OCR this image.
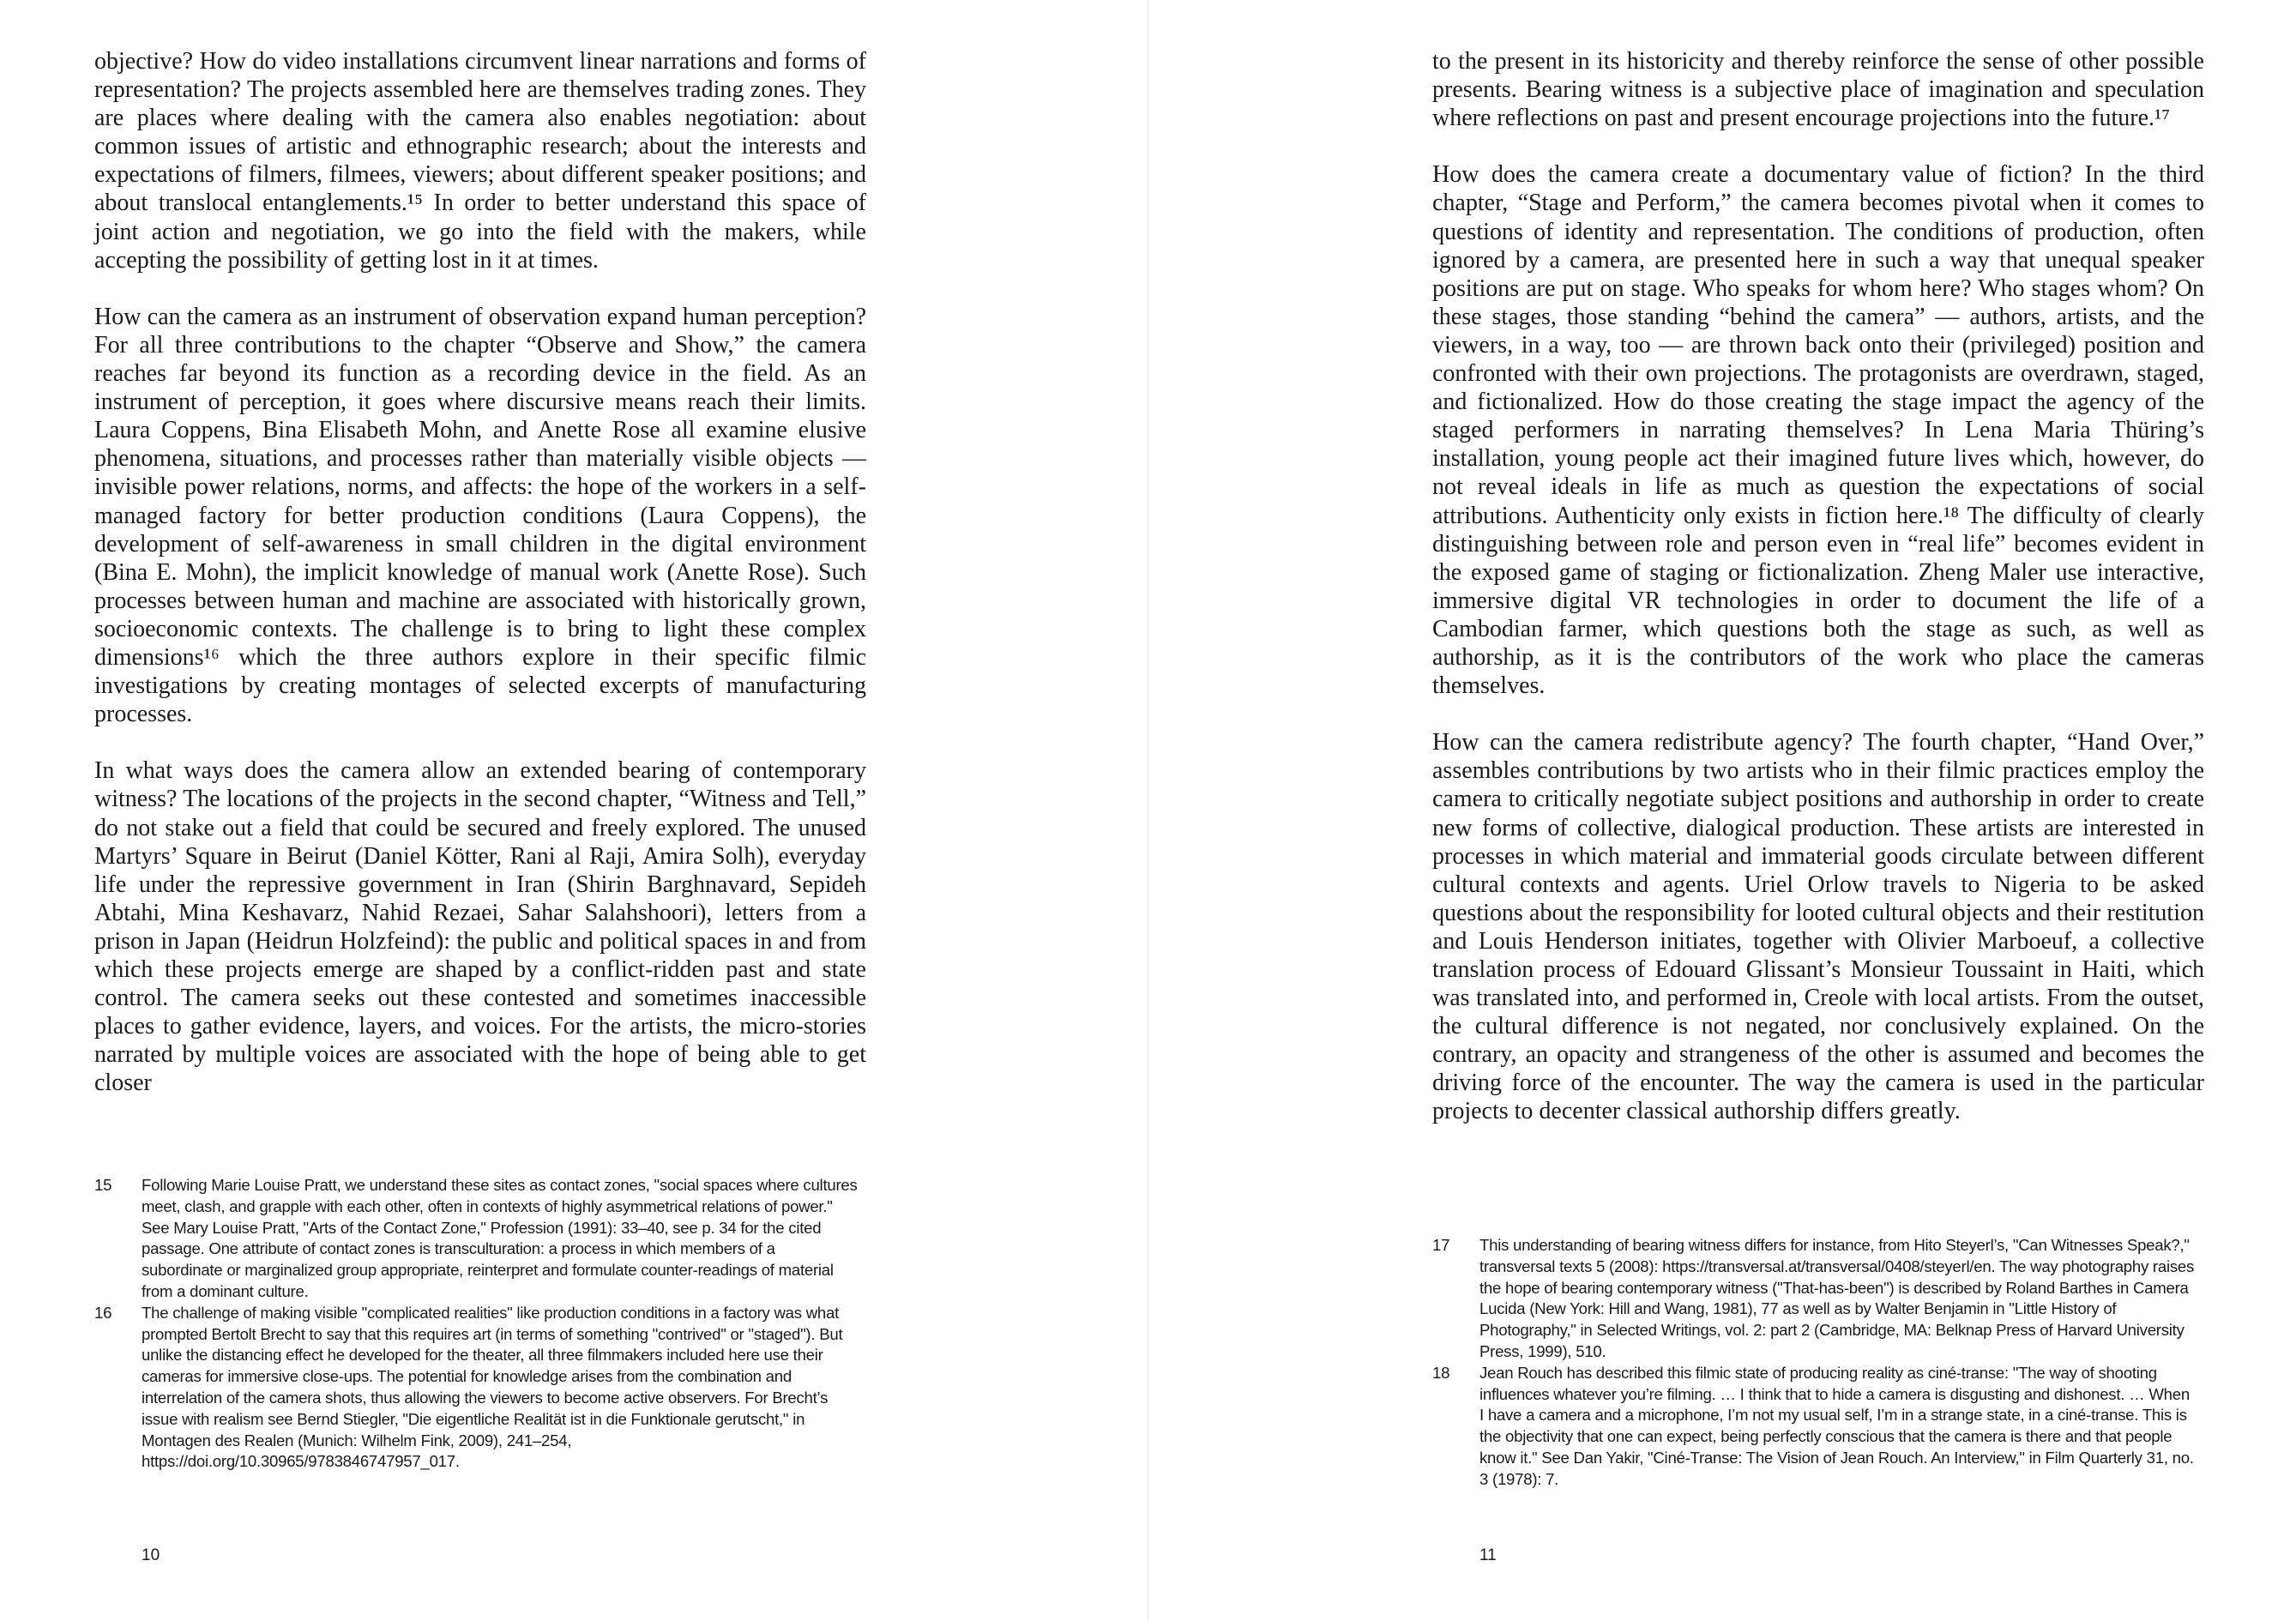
objective? How do video installations circumvent linear narrations and forms of representation? The projects assembled here are themselves trading zones. They are places where dealing with the camera also enables negotiation: about common issues of artistic and ethnographic research; about the interests and expectations of filmers, filmees, viewers; about different speaker positions; and about translocal entanglements.¹⁵ In order to better understand this space of joint action and negotiation, we go into the field with the makers, while accepting the possibility of getting lost in it at times.

How can the camera as an instrument of observation expand human perception? For all three contributions to the chapter “Observe and Show,” the camera reaches far beyond its function as a recording device in the field. As an instrument of perception, it goes where discursive means reach their limits. Laura Coppens, Bina Elisabeth Mohn, and Anette Rose all examine elusive phenomena, situations, and processes rather than materially visible objects — invisible power relations, norms, and affects: the hope of the workers in a self-managed factory for better production conditions (Laura Coppens), the development of self-awareness in small children in the digital environment (Bina E. Mohn), the implicit knowledge of manual work (Anette Rose). Such processes between human and machine are associated with historically grown, socioeconomic contexts. The challenge is to bring to light these complex dimensions¹⁶ which the three authors explore in their specific filmic investigations by creating montages of selected excerpts of manufacturing processes.

In what ways does the camera allow an extended bearing of contemporary witness? The locations of the projects in the second chapter, “Witness and Tell,” do not stake out a field that could be secured and freely explored. The unused Martyrs’ Square in Beirut (Daniel Kötter, Rani al Raji, Amira Solh), everyday life under the repressive government in Iran (Shirin Barghnavard, Sepideh Abtahi, Mina Keshavarz, Nahid Rezaei, Sahar Salahshoori), letters from a prison in Japan (Heidrun Holzfeind): the public and political spaces in and from which these projects emerge are shaped by a conflict-ridden past and state control. The camera seeks out these contested and sometimes inaccessible places to gather evidence, layers, and voices. For the artists, the micro-stories narrated by multiple voices are associated with the hope of being able to get closer

15	Following Marie Louise Pratt, we understand these sites as contact zones, "social spaces where cultures meet, clash, and grapple with each other, often in contexts of highly asymmetrical relations of power." See Mary Louise Pratt, "Arts of the Contact Zone," Profession (1991): 33–40, see p. 34 for the cited passage. One attribute of contact zones is transculturation: a process in which members of a subordinate or marginalized group appropriate, reinterpret and formulate counter-readings of material from a dominant culture.
16	The challenge of making visible "complicated realities" like production conditions in a factory was what prompted Bertolt Brecht to say that this requires art (in terms of something "contrived" or "staged"). But unlike the distancing effect he developed for the theater, all three filmmakers included here use their cameras for immersive close-ups. The potential for knowledge arises from the combination and interrelation of the camera shots, thus allowing the viewers to become active observers. For Brecht’s issue with realism see Bernd Stiegler, "Die eigentliche Realität ist in die Funktionale gerutscht," in Montagen des Realen (Munich: Wilhelm Fink, 2009), 241–254, https://doi.org/10.30965/9783846747957_017.
10

to the present in its historicity and thereby reinforce the sense of other possible presents. Bearing witness is a subjective place of imagination and speculation where reflections on past and present encourage projections into the future.¹⁷

How does the camera create a documentary value of fiction? In the third chapter, “Stage and Perform,” the camera becomes pivotal when it comes to questions of identity and representation. The conditions of production, often ignored by a camera, are presented here in such a way that unequal speaker positions are put on stage. Who speaks for whom here? Who stages whom? On these stages, those standing “behind the camera” — authors, artists, and the viewers, in a way, too — are thrown back onto their (privileged) position and confronted with their own projections. The protagonists are overdrawn, staged, and fictionalized. How do those creating the stage impact the agency of the staged performers in narrating themselves? In Lena Maria Thüring’s installation, young people act their imagined future lives which, however, do not reveal ideals in life as much as question the expectations of social attributions. Authenticity only exists in fiction here.¹⁸ The difficulty of clearly distinguishing between role and person even in “real life” becomes evident in the exposed game of staging or fictionalization. Zheng Maler use interactive, immersive digital VR technologies in order to document the life of a Cambodian farmer, which questions both the stage as such, as well as authorship, as it is the contributors of the work who place the cameras themselves.

How can the camera redistribute agency? The fourth chapter, “Hand Over,” assembles contributions by two artists who in their filmic practices employ the camera to critically negotiate subject positions and authorship in order to create new forms of collective, dialogical production. These artists are interested in processes in which material and immaterial goods circulate between different cultural contexts and agents. Uriel Orlow travels to Nigeria to be asked questions about the responsibility for looted cultural objects and their restitution and Louis Henderson initiates, together with Olivier Marboeuf, a collective translation process of Edouard Glissant’s Monsieur Toussaint in Haiti, which was translated into, and performed in, Creole with local artists. From the outset, the cultural difference is not negated, nor conclusively explained. On the contrary, an opacity and strangeness of the other is assumed and becomes the driving force of the encounter. The way the camera is used in the particular projects to decenter classical authorship differs greatly.

17	This understanding of bearing witness differs for instance, from Hito Steyerl’s, "Can Witnesses Speak?," transversal texts 5 (2008): https://transversal.at/transversal/0408/steyerl/en. The way photography raises the hope of bearing contemporary witness ("That-has-been") is described by Roland Barthes in Camera Lucida (New York: Hill and Wang, 1981), 77 as well as by Walter Benjamin in "Little History of Photography," in Selected Writings, vol. 2: part 2 (Cambridge, MA: Belknap Press of Harvard University Press, 1999), 510.
18	Jean Rouch has described this filmic state of producing reality as ciné-transe: "The way of shooting influences whatever you’re filming. … I think that to hide a camera is disgusting and dishonest. … When I have a camera and a microphone, I’m not my usual self, I’m in a strange state, in a ciné-transe. This is the objectivity that one can expect, being perfectly conscious that the camera is there and that people know it." See Dan Yakir, "Ciné-Transe: The Vision of Jean Rouch. An Interview," in Film Quarterly 31, no. 3 (1978): 7.
11
